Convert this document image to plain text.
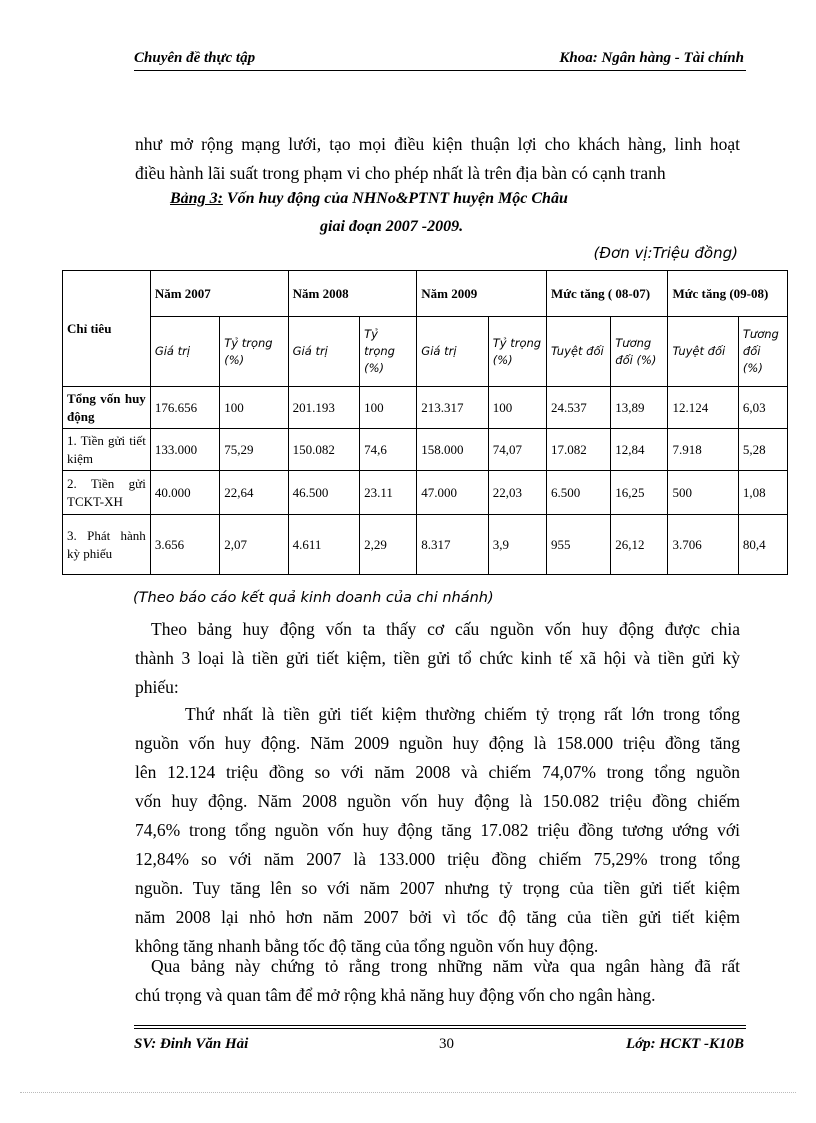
Chuyên đề thực tập	Khoa: Ngân hàng - Tài chính
như mở rộng mạng lưới, tạo mọi điều kiện thuận lợi cho khách hàng, linh hoạt
điều hành lãi suất trong phạm vi cho phép nhất là trên địa bàn có cạnh tranh
Bảng 3: Vốn huy động của NHNo&PTNT huyện Mộc Châu
giai đoạn 2007 -2009.
(Đơn vị:Triệu đồng)
Chỉ tiêu	Năm 2007		Năm 2008		Năm 2009		Mức tăng ( 08-07)		Mức tăng (09-08)	
	Giá trị	Tỷ trọng (%)	Giá trị	Tỷ trọng (%)	Giá trị	Tỷ trọng (%)	Tuyệt đối	Tương đối (%)	Tuyệt đối	Tương đối (%)
Tổng vốn huy động	176.656	100	201.193	100	213.317	100	24.537	13,89	12.124	6,03
1. Tiền gửi tiết kiệm	133.000	75,29	150.082	74,6	158.000	74,07	17.082	12,84	7.918	5,28
2. Tiền gửi TCKT-XH	40.000	22,64	46.500	23.11	47.000	22,03	6.500	16,25	500	1,08
3. Phát hành kỳ phiếu	3.656	2,07	4.611	2,29	8.317	3,9	955	26,12	3.706	80,4
(Theo báo cáo kết quả kinh doanh của chi nhánh)
Theo bảng huy động vốn ta thấy cơ cấu nguồn vốn huy động được chia
thành 3 loại là tiền gửi tiết kiệm, tiền gửi tổ chức kinh tế xã hội và tiền gửi kỳ
phiếu:
Thứ nhất là tiền gửi tiết kiệm thường chiếm tỷ trọng rất lớn trong tổng
nguồn vốn huy động. Năm 2009 nguồn huy động là 158.000 triệu đồng tăng
lên 12.124 triệu đồng so với năm 2008 và chiếm 74,07% trong tổng nguồn
vốn huy động. Năm 2008 nguồn vốn huy động là 150.082 triệu đồng chiếm
74,6% trong tổng nguồn vốn huy động tăng 17.082 triệu đồng tương ướng với
12,84% so với năm 2007 là 133.000 triệu đồng chiếm 75,29% trong tổng
nguồn. Tuy tăng lên so với năm 2007 nhưng tỷ trọng của tiền gửi tiết kiệm
năm 2008 lại nhỏ hơn năm 2007 bởi vì tốc độ tăng của tiền gửi tiết kiệm
không tăng nhanh bằng tốc độ tăng của tổng nguồn vốn huy động.
Qua bảng này chứng tỏ rằng trong những năm vừa qua ngân hàng đã rất
chú trọng và quan tâm để mở rộng khả năng huy động vốn cho ngân hàng.
SV: Đinh Văn Hải	30	Lớp: HCKT -K10B
